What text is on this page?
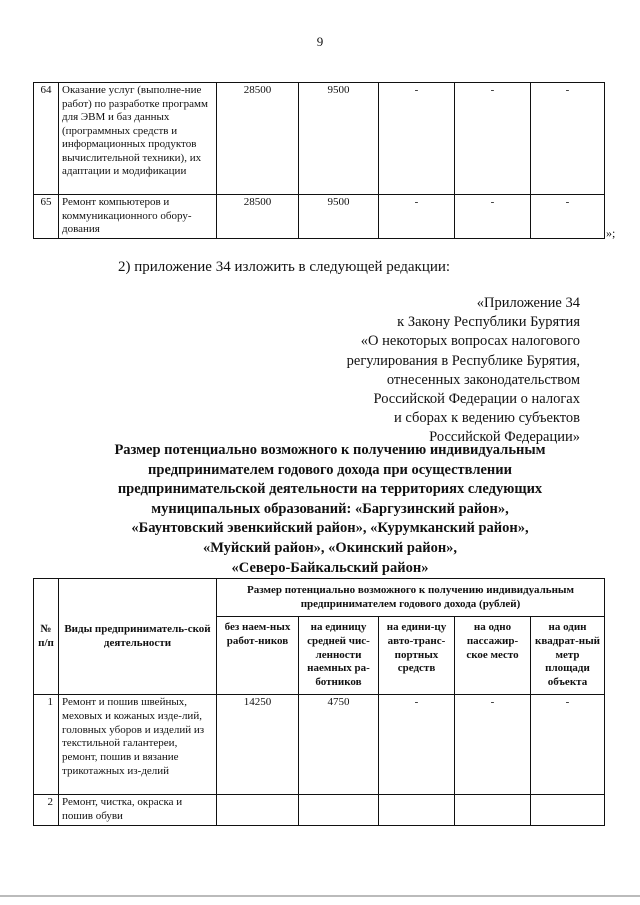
9
64	Оказание услуг (выполне-ние работ) по разработке программ для ЭВМ и баз данных (программных средств и информационных продуктов вычислительной техники), их адаптации и модификации	28500	9500	-	-	-
65	Ремонт компьютеров и коммуникационного обору-дования	28500	9500	-	-	-
»;
2) приложение 34 изложить в следующей редакции:
«Приложение 34
к Закону Республики Бурятия
«О некоторых вопросах налогового
регулирования в Республике Бурятия,
отнесенных законодательством
Российской Федерации о налогах
и сборах к ведению субъектов
Российской Федерации»
Размер потенциально возможного к получению индивидуальным
предпринимателем годового дохода при осуществлении
предпринимательской деятельности на территориях следующих
муниципальных образований: «Баргузинский район»,
«Баунтовский эвенкийский район», «Курумканский район»,
«Муйский район», «Окинский район»,
«Северо-Байкальский район»
№ п/п	Виды предприниматель-ской деятельности	Размер потенциально возможного к получению индивидуальным предпринимателем годового дохода (рублей)				
		без наем-ных работ-ников	на единицу средней чис-ленности наемных ра-ботников	на едини-цу авто-транс-портных средств	на одно пассажир-ское место	на один квадрат-ный метр площади объекта
1	Ремонт и пошив швейных, меховых и кожаных изде-лий, головных уборов и изделий из текстильной галантереи, ремонт, пошив и вязание трикотажных из-делий	14250	4750	-	-	-
2	Ремонт, чистка, окраска и пошив обуви					
